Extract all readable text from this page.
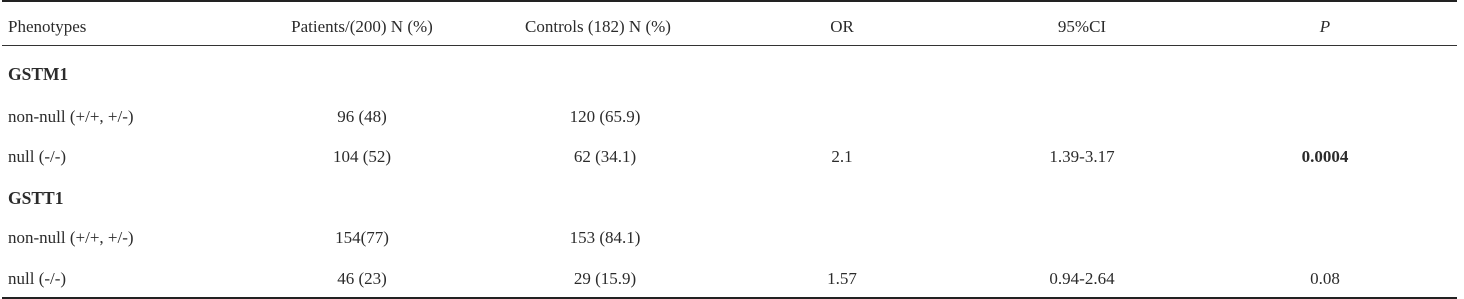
Phenotypes	Patients/(200) N (%)	Controls (182) N (%)	OR	95%CI	P
GSTM1
non-null (+/+, +/-)	96 (48)	120 (65.9)
null (-/-)	104 (52)	62 (34.1)	2.1	1.39-3.17	0.0004
GSTT1
non-null (+/+, +/-)	154(77)	153 (84.1)
null (-/-)	46 (23)	29 (15.9)	1.57	0.94-2.64	0.08
